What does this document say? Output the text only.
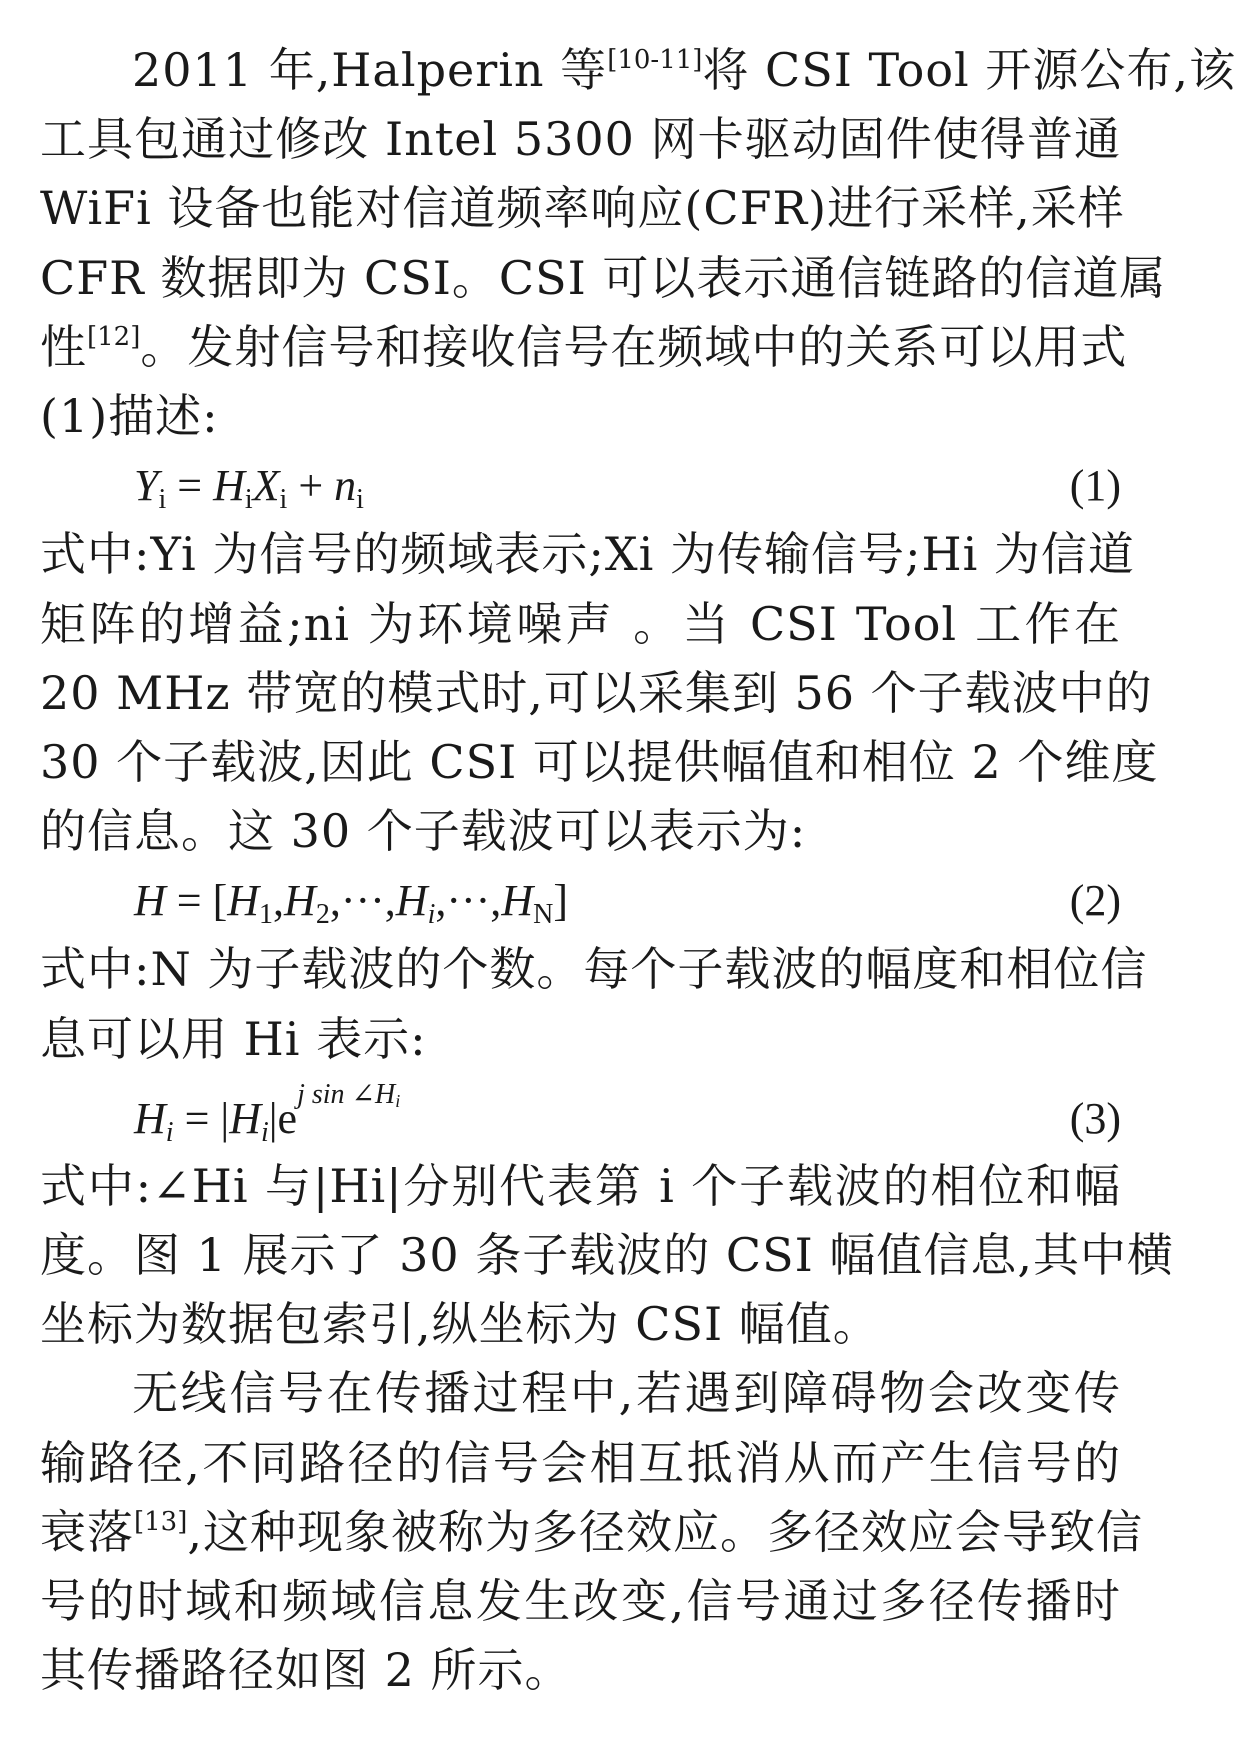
2011 年,Halperin 等[10-11]将 CSI Tool 开源公布,该
工具包通过修改 Intel 5300 网卡驱动固件使得普通
WiFi 设备也能对信道频率响应(CFR)进行采样,采样
CFR 数据即为 CSI。CSI 可以表示通信链路的信道属
性[12]。发射信号和接收信号在频域中的关系可以用式
(1)描述:
Yi = HiXi + ni	(1)
式中:Yi 为信号的频域表示;Xi 为传输信号;Hi 为信道
矩阵的增益;ni 为环境噪声 。当 CSI Tool 工作在
20 MHz 带宽的模式时,可以采集到 56 个子载波中的
30 个子载波,因此 CSI 可以提供幅值和相位 2 个维度
的信息。这 30 个子载波可以表示为:
H = [H1,H2,···,Hi,···,HN]	(2)
式中:N 为子载波的个数。每个子载波的幅度和相位信
息可以用 Hi 表示:
$Hi = |Hi|e^{j sin \angle Hi}$	(3)
式中:∠Hi 与|Hi|分别代表第 i 个子载波的相位和幅
度。图 1 展示了 30 条子载波的 CSI 幅值信息,其中横
坐标为数据包索引,纵坐标为 CSI 幅值。
无线信号在传播过程中,若遇到障碍物会改变传
输路径,不同路径的信号会相互抵消从而产生信号的
衰落[13],这种现象被称为多径效应。多径效应会导致信
号的时域和频域信息发生改变,信号通过多径传播时
其传播路径如图 2 所示。
